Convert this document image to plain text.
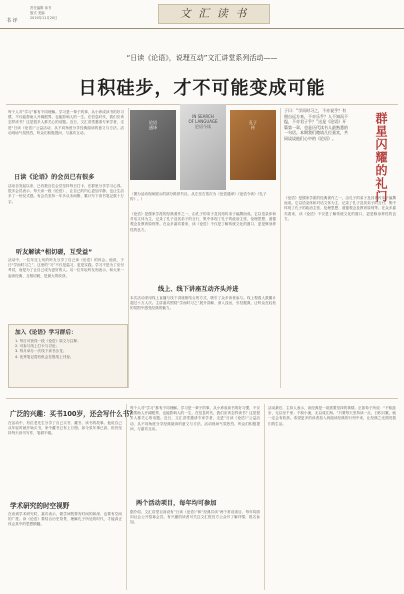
书 评
责任编辑 读书
版式 美编
2019年11月20日	文 汇 读 书
“日读《论语》，说理互动”文汇讲堂系列活动——
日积硅步，才不可能变成可能
每个人对“学习”都有不同理解。学习是一辈子的事，从小养成读书的好习惯，不仅能帮助人开阔眼界，也能影响人的一生。在信息时代，我们应该怎样读书？这是很多人都关心的话题。近日，文汇讲堂邀请专家学者，走进“日读《论语》”公益活动，从不同角度分享经典阅读的意义与方法。活动现场气氛热烈，听众们积极提问，与嘉宾互动。
日读《论语》的会员已有很多
活动自发起以来，已有数百位会员坚持每日打卡，在群里分享学习心得。很多会员表示，每天读一段《论语》，让自己的内心更加平静，也让生活多了一份仪式感。有会员坚持一年多从未间断，累计写下读书笔记数十万字。
听友解读“相切磋，互受益”
活动中，一位年过七旬的听友分享了自己读《论语》的体会。他说，子曰“学而时习之”，这里的“习”不仅是温习，更是实践。学习不是为了应付考试，而是为了让自己成为更好的人。另一位年轻听友则表示，和大家一起读经典、互相切磋，是最大的收获。
加入《论语》学习群后：
1. 每日可获得一段《论语》原文与注释；
2. 可参与线上打卡与讨论；
3. 每月举办一次线下读书沙龙；
4. 优秀笔记将有机会在报纸上刊登。
论语
通译
IN SEARCH
OF LANGUAGE
论语今读
孔子
传
（图为活动现场展示的部分推荐书目。从左至右依次为《论语通译》《论语今读》《孔子传》。）
《论语》是儒家学派的经典著作之一，由孔子的弟子及其再传弟子编撰而成。它以语录体和对话文体为主，记录了孔子及其弟子的言行，集中体现了孔子的政治主张、伦理思想、道德观念及教育原则等。在众多嘉宾看来，读《论语》不仅是了解传统文化的窗口，更是修身养性的良方。
线上、线下讲座互动齐头并进
本次活动采用线上直播与线下讲座相结合的方式，吸引了众多读者参与。线上观看人数累计超过十万人次。主讲嘉宾围绕“学而时习之”展开讲解，深入浅出，引经据典，让听众在轻松的氛围中感受经典的魅力。
子曰：“学而时习之，不亦说乎？有朋自远方来，不亦乐乎？人不知而不愠，不亦君子乎？”这是《论语》开篇第一章，也是历代读书人最熟悉的一句话。本期我们邀请几位嘉宾，共同谈谈他们心中的《论语》。	群星闪耀的礼门
《论语》是儒家学派的经典著作之一，由孔子的弟子及其再传弟子编撰而成。它以语录体和对话文体为主，记录了孔子及其弟子的言行，集中体现了孔子的政治主张、伦理思想、道德观念及教育原则等。在众多嘉宾看来，读《论语》不仅是了解传统文化的窗口，更是修身养性的良方。
广泛的兴趣：买书100岁，还会写什么书？
在活动中，有位老先生分享了自己买书、藏书、读书的故事。他说自己从年轻时就开始买书，家中藏书已有上万册。如今虽年事已高，但仍坚持每天读书写作，笔耕不辍。
学术研究的时空视野
在谈到学术研究时，嘉宾表示，做学问既要有时间的纵深，也要有空间的广度。读《论语》要结合历史背景，理解孔子所处的时代，才能真正体会其中的思想精髓。
每个人对“学习”都有不同理解。学习是一辈子的事，从小养成读书的好习惯，不仅能帮助人开阔眼界，也能影响人的一生。在信息时代，我们应该怎样读书？这是很多人都关心的话题。近日，文汇讲堂邀请专家学者，走进“日读《论语》”公益活动，从不同角度分享经典阅读的意义与方法。活动现场气氛热烈，听众们积极提问，与嘉宾互动。
两个活动项目，每年均可参加
据介绍，文汇讲堂目前设有“日读《论语》”和“经典共读”两个常设项目，每年均面向社会公开招募会员。有兴趣的读者可关注文汇报官方公众号了解详情，报名参加。
活动最后，主持人表示，读经典是一项需要坚持的事情。正如荀子所说：“不积跬步，无以至千里；不积小流，无以成江海。”只要每天坚持读一点，日积月累，就一定会有收获。希望更多的读者加入到阅读经典的行列中来，让经典之光照亮我们的生活。
